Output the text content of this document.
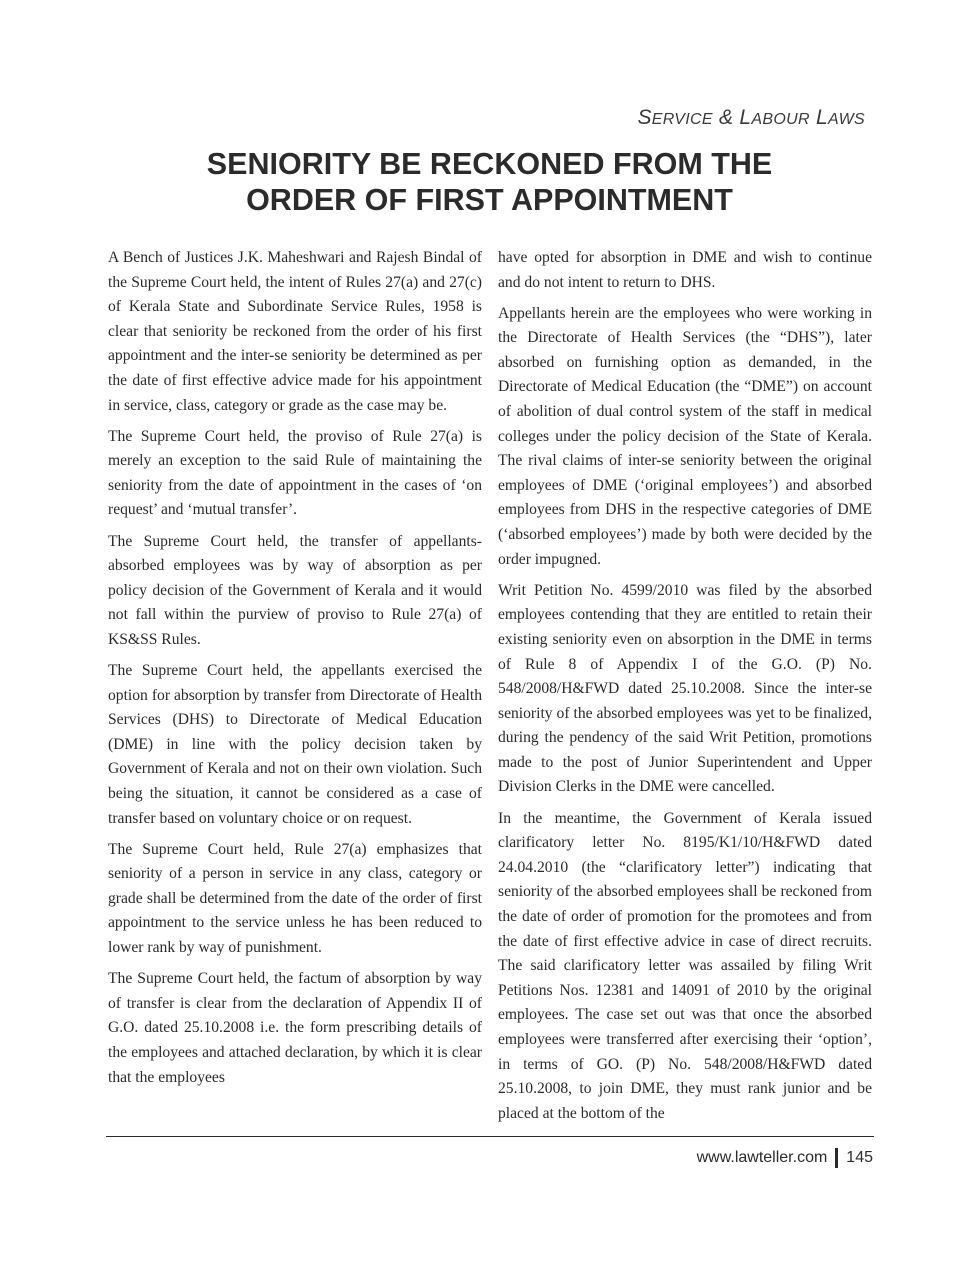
SERVICE & LABOUR LAWS
SENIORITY BE RECKONED FROM THE
ORDER OF FIRST APPOINTMENT

A Bench of Justices J.K. Maheshwari and Rajesh Bindal of the Supreme Court held, the intent of Rules 27(a) and 27(c) of Kerala State and Subordinate Service Rules, 1958 is clear that seniority be reckoned from the order of his first appointment and the inter-se seniority be determined as per the date of first effective advice made for his appointment in service, class, category or grade as the case may be.

The Supreme Court held, the proviso of Rule 27(a) is merely an exception to the said Rule of maintaining the seniority from the date of appointment in the cases of ‘on request’ and ‘mutual transfer’.

The Supreme Court held, the transfer of appellants-absorbed employees was by way of absorption as per policy decision of the Government of Kerala and it would not fall within the purview of proviso to Rule 27(a) of KS&SS Rules.

The Supreme Court held, the appellants exercised the option for absorption by transfer from Directorate of Health Services (DHS) to Directorate of Medical Education (DME) in line with the policy decision taken by Government of Kerala and not on their own violation. Such being the situation, it cannot be considered as a case of transfer based on voluntary choice or on request.

The Supreme Court held, Rule 27(a) emphasizes that seniority of a person in service in any class, category or grade shall be determined from the date of the order of first appointment to the service unless he has been reduced to lower rank by way of punishment.

The Supreme Court held, the factum of absorption by way of transfer is clear from the declaration of Appendix II of G.O. dated 25.10.2008 i.e. the form prescribing details of the employees and attached declaration, by which it is clear that the employees

have opted for absorption in DME and wish to continue and do not intent to return to DHS.

Appellants herein are the employees who were working in the Directorate of Health Services (the “DHS”), later absorbed on furnishing option as demanded, in the Directorate of Medical Education (the “DME”) on account of abolition of dual control system of the staff in medical colleges under the policy decision of the State of Kerala. The rival claims of inter-se seniority between the original employees of DME (‘original employees’) and absorbed employees from DHS in the respective categories of DME (‘absorbed employees’) made by both were decided by the order impugned.

Writ Petition No. 4599/2010 was filed by the absorbed employees contending that they are entitled to retain their existing seniority even on absorption in the DME in terms of Rule 8 of Appendix I of the G.O. (P) No. 548/2008/H&FWD dated 25.10.2008. Since the inter-se seniority of the absorbed employees was yet to be finalized, during the pendency of the said Writ Petition, promotions made to the post of Junior Superintendent and Upper Division Clerks in the DME were cancelled.

In the meantime, the Government of Kerala issued clarificatory letter No. 8195/K1/10/H&FWD dated 24.04.2010 (the “clarificatory letter”) indicating that seniority of the absorbed employees shall be reckoned from the date of order of promotion for the promotees and from the date of first effective advice in case of direct recruits. The said clarificatory letter was assailed by filing Writ Petitions Nos. 12381 and 14091 of 2010 by the original employees. The case set out was that once the absorbed employees were transferred after exercising their ‘option’, in terms of GO. (P) No. 548/2008/H&FWD dated 25.10.2008, to join DME, they must rank junior and be placed at the bottom of the

www.lawteller.com 145
